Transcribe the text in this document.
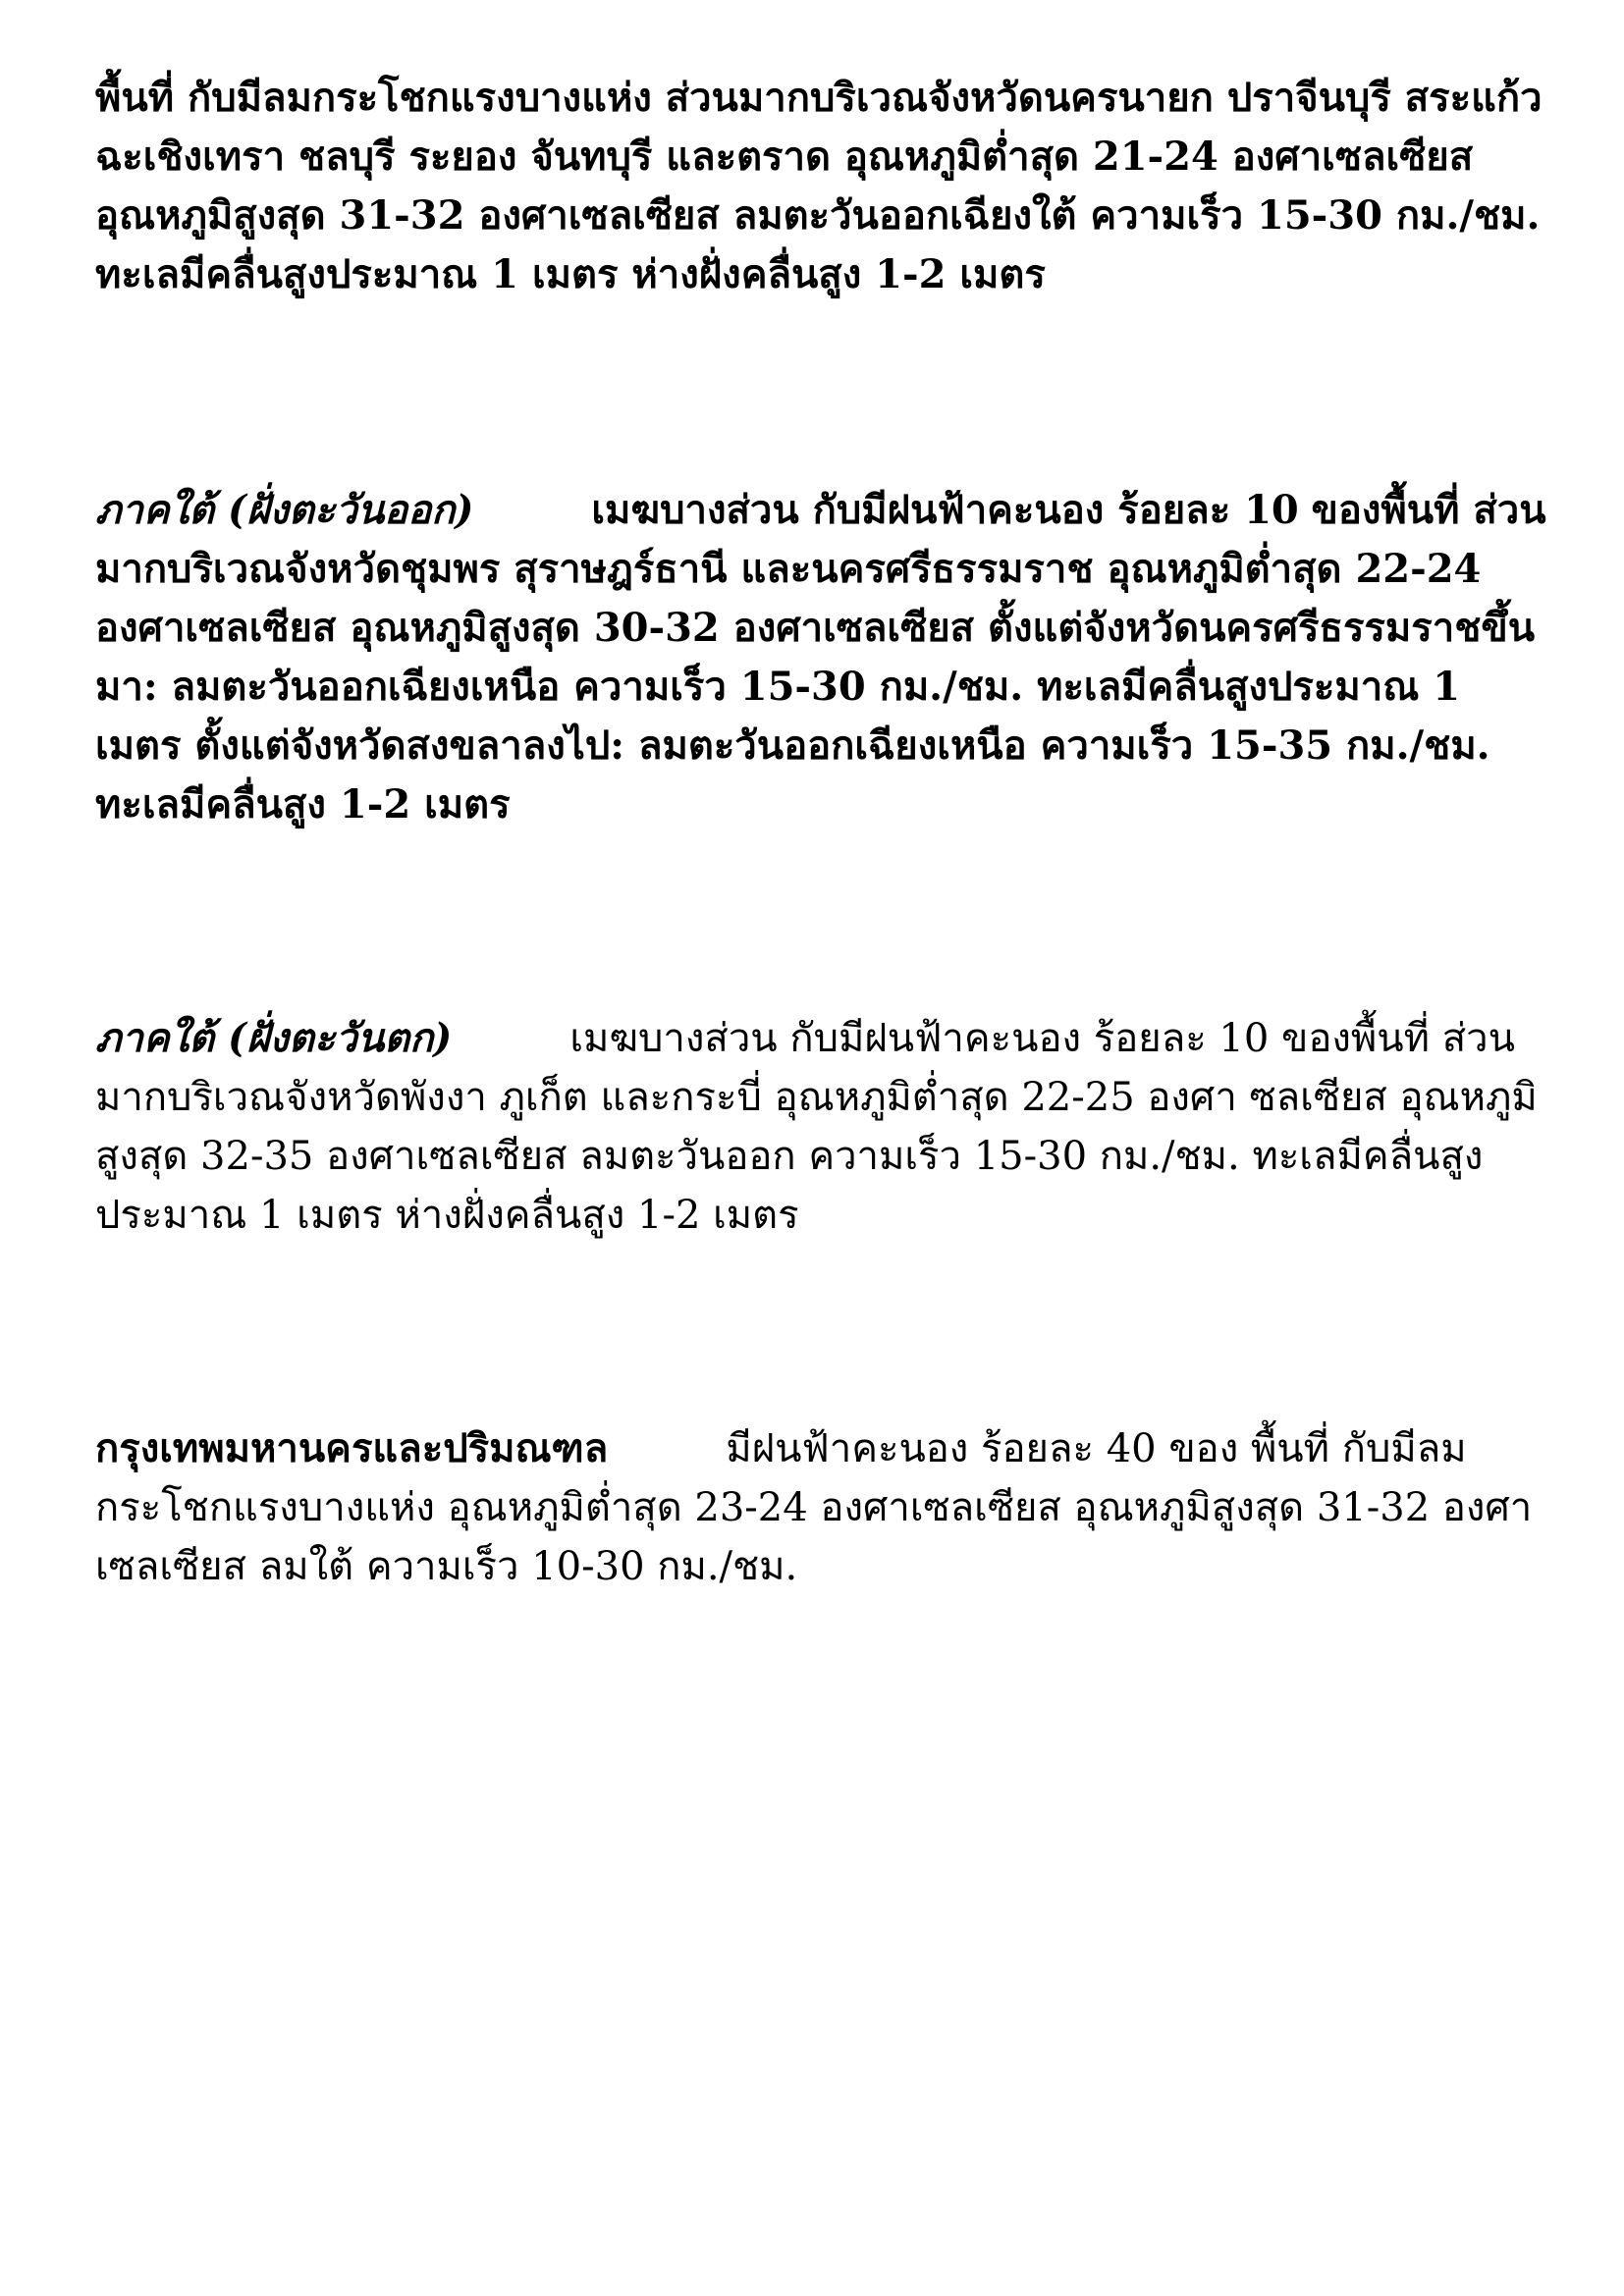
พื้นที่ กับมีลมกระโชกแรงบางแห่ง ส่วนมากบริเวณจังหวัดนครนายก ปราจีนบุรี สระแก้ว ฉะเชิงเทรา ชลบุรี ระยอง จันทบุรี และตราด อุณหภูมิต่ำสุด 21-24 องศาเซลเซียส อุณหภูมิสูงสุด 31-32 องศาเซลเซียส ลมตะวันออกเฉียงใต้ ความเร็ว 15-30 กม./ชม. ทะเลมีคลื่นสูงประมาณ 1 เมตร ห่างฝั่งคลื่นสูง 1-2 เมตร

ภาคใต้ (ฝั่งตะวันออก)	เมฆบางส่วน กับมีฝนฟ้าคะนอง ร้อยละ 10 ของพื้นที่ ส่วนมากบริเวณจังหวัดชุมพร สุราษฎร์ธานี และนครศรีธรรมราช อุณหภูมิต่ำสุด 22-24 องศาเซลเซียส อุณหภูมิสูงสุด 30-32 องศาเซลเซียส ตั้งแต่จังหวัดนครศรีธรรมราชขึ้นมา: ลมตะวันออกเฉียงเหนือ ความเร็ว 15-30 กม./ชม. ทะเลมีคลื่นสูงประมาณ 1 เมตร ตั้งแต่จังหวัดสงขลาลงไป: ลมตะวันออกเฉียงเหนือ ความเร็ว 15-35 กม./ชม. ทะเลมีคลื่นสูง 1-2 เมตร

ภาคใต้ (ฝั่งตะวันตก)	เมฆบางส่วน กับมีฝนฟ้าคะนอง ร้อยละ 10 ของพื้นที่ ส่วนมากบริเวณจังหวัดพังงา ภูเก็ต และกระบี่ อุณหภูมิต่ำสุด 22-25 องศา ซลเซียส อุณหภูมิสูงสุด 32-35 องศาเซลเซียส ลมตะวันออก ความเร็ว 15-30 กม./ชม. ทะเลมีคลื่นสูงประมาณ 1 เมตร ห่างฝั่งคลื่นสูง 1-2 เมตร

กรุงเทพมหานครและปริมณฑล	มีฝนฟ้าคะนอง ร้อยละ 40 ของ พื้นที่ กับมีลมกระโชกแรงบางแห่ง อุณหภูมิต่ำสุด 23-24 องศาเซลเซียส อุณหภูมิสูงสุด 31-32 องศาเซลเซียส ลมใต้ ความเร็ว 10-30 กม./ชม.
